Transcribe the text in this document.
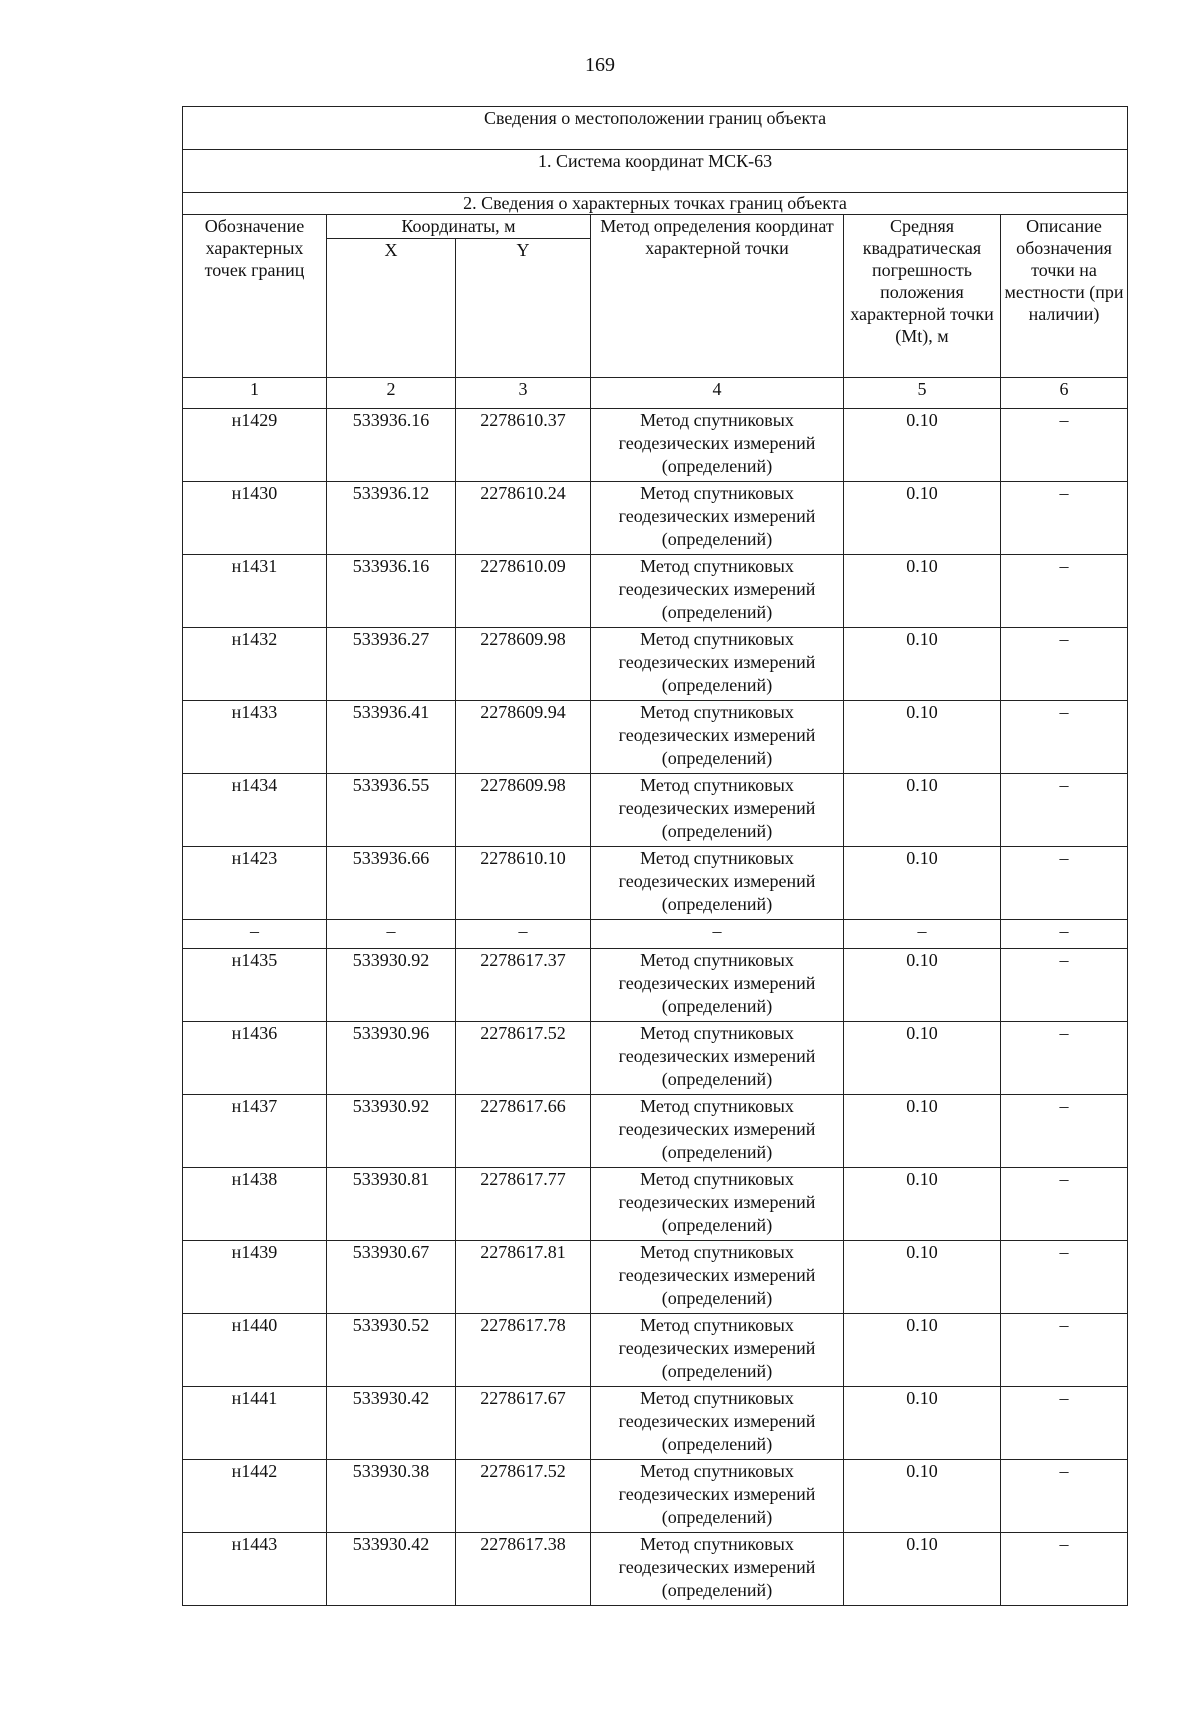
169
Сведения о местоположении границ объекта					
1. Система координат МСК-63					
2. Сведения о характерных точках границ объекта					
Обозначение характерных точек границ	Координаты, м		Метод определения координат характерной точки	Средняя квадратическая погрешность положения характерной точки (Mt), м	Описание обозначения точки на местности (при наличии)
	X	Y			
1	2	3	4	5	6
н1429	533936.16	2278610.37	Метод спутниковых
геодезических измерений
(определений)	0.10	–
н1430	533936.12	2278610.24	Метод спутниковых
геодезических измерений
(определений)	0.10	–
н1431	533936.16	2278610.09	Метод спутниковых
геодезических измерений
(определений)	0.10	–
н1432	533936.27	2278609.98	Метод спутниковых
геодезических измерений
(определений)	0.10	–
н1433	533936.41	2278609.94	Метод спутниковых
геодезических измерений
(определений)	0.10	–
н1434	533936.55	2278609.98	Метод спутниковых
геодезических измерений
(определений)	0.10	–
н1423	533936.66	2278610.10	Метод спутниковых
геодезических измерений
(определений)	0.10	–
–	–	–	–	–	–
н1435	533930.92	2278617.37	Метод спутниковых
геодезических измерений
(определений)	0.10	–
н1436	533930.96	2278617.52	Метод спутниковых
геодезических измерений
(определений)	0.10	–
н1437	533930.92	2278617.66	Метод спутниковых
геодезических измерений
(определений)	0.10	–
н1438	533930.81	2278617.77	Метод спутниковых
геодезических измерений
(определений)	0.10	–
н1439	533930.67	2278617.81	Метод спутниковых
геодезических измерений
(определений)	0.10	–
н1440	533930.52	2278617.78	Метод спутниковых
геодезических измерений
(определений)	0.10	–
н1441	533930.42	2278617.67	Метод спутниковых
геодезических измерений
(определений)	0.10	–
н1442	533930.38	2278617.52	Метод спутниковых
геодезических измерений
(определений)	0.10	–
н1443	533930.42	2278617.38	Метод спутниковых
геодезических измерений
(определений)	0.10	–
